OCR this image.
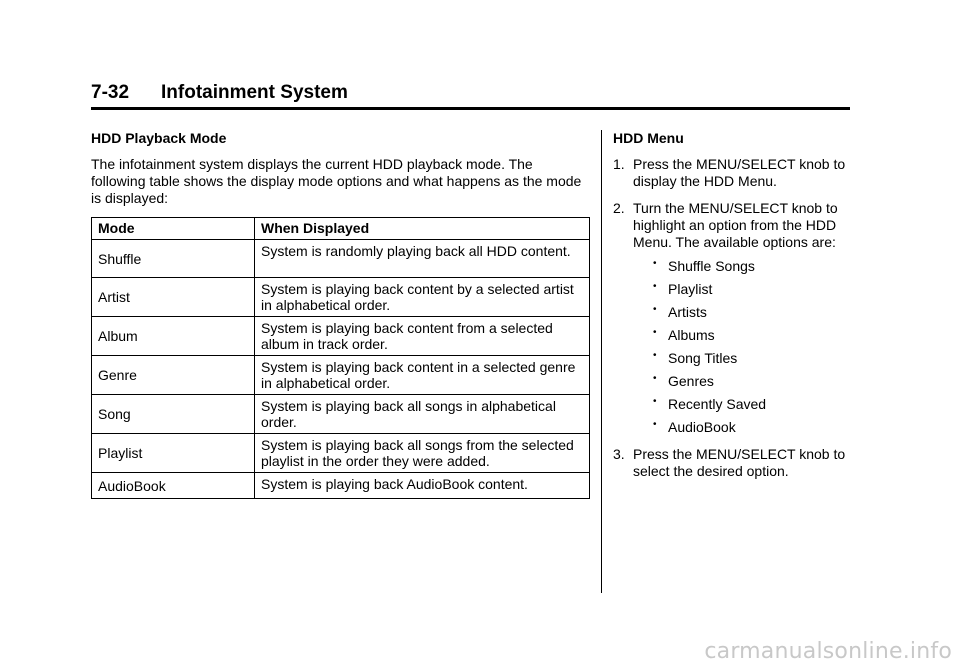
7-32 Infotainment System

HDD Playback Mode

The infotainment system displays the current HDD playback mode. The following table shows the display mode options and what happens as the mode is displayed:

Mode	When Displayed
Shuffle	System is randomly playing back all HDD content.
Artist	System is playing back content by a selected artist in alphabetical order.
Album	System is playing back content from a selected album in track order.
Genre	System is playing back content in a selected genre in alphabetical order.
Song	System is playing back all songs in alphabetical order.
Playlist	System is playing back all songs from the selected playlist in the order they were added.
AudioBook	System is playing back AudioBook content.

HDD Menu

1. Press the MENU/SELECT knob to display the HDD Menu.
2. Turn the MENU/SELECT knob to highlight an option from the HDD Menu. The available options are:
• Shuffle Songs
• Playlist
• Artists
• Albums
• Song Titles
• Genres
• Recently Saved
• AudioBook
3. Press the MENU/SELECT knob to select the desired option.
carmanualsonline.info
